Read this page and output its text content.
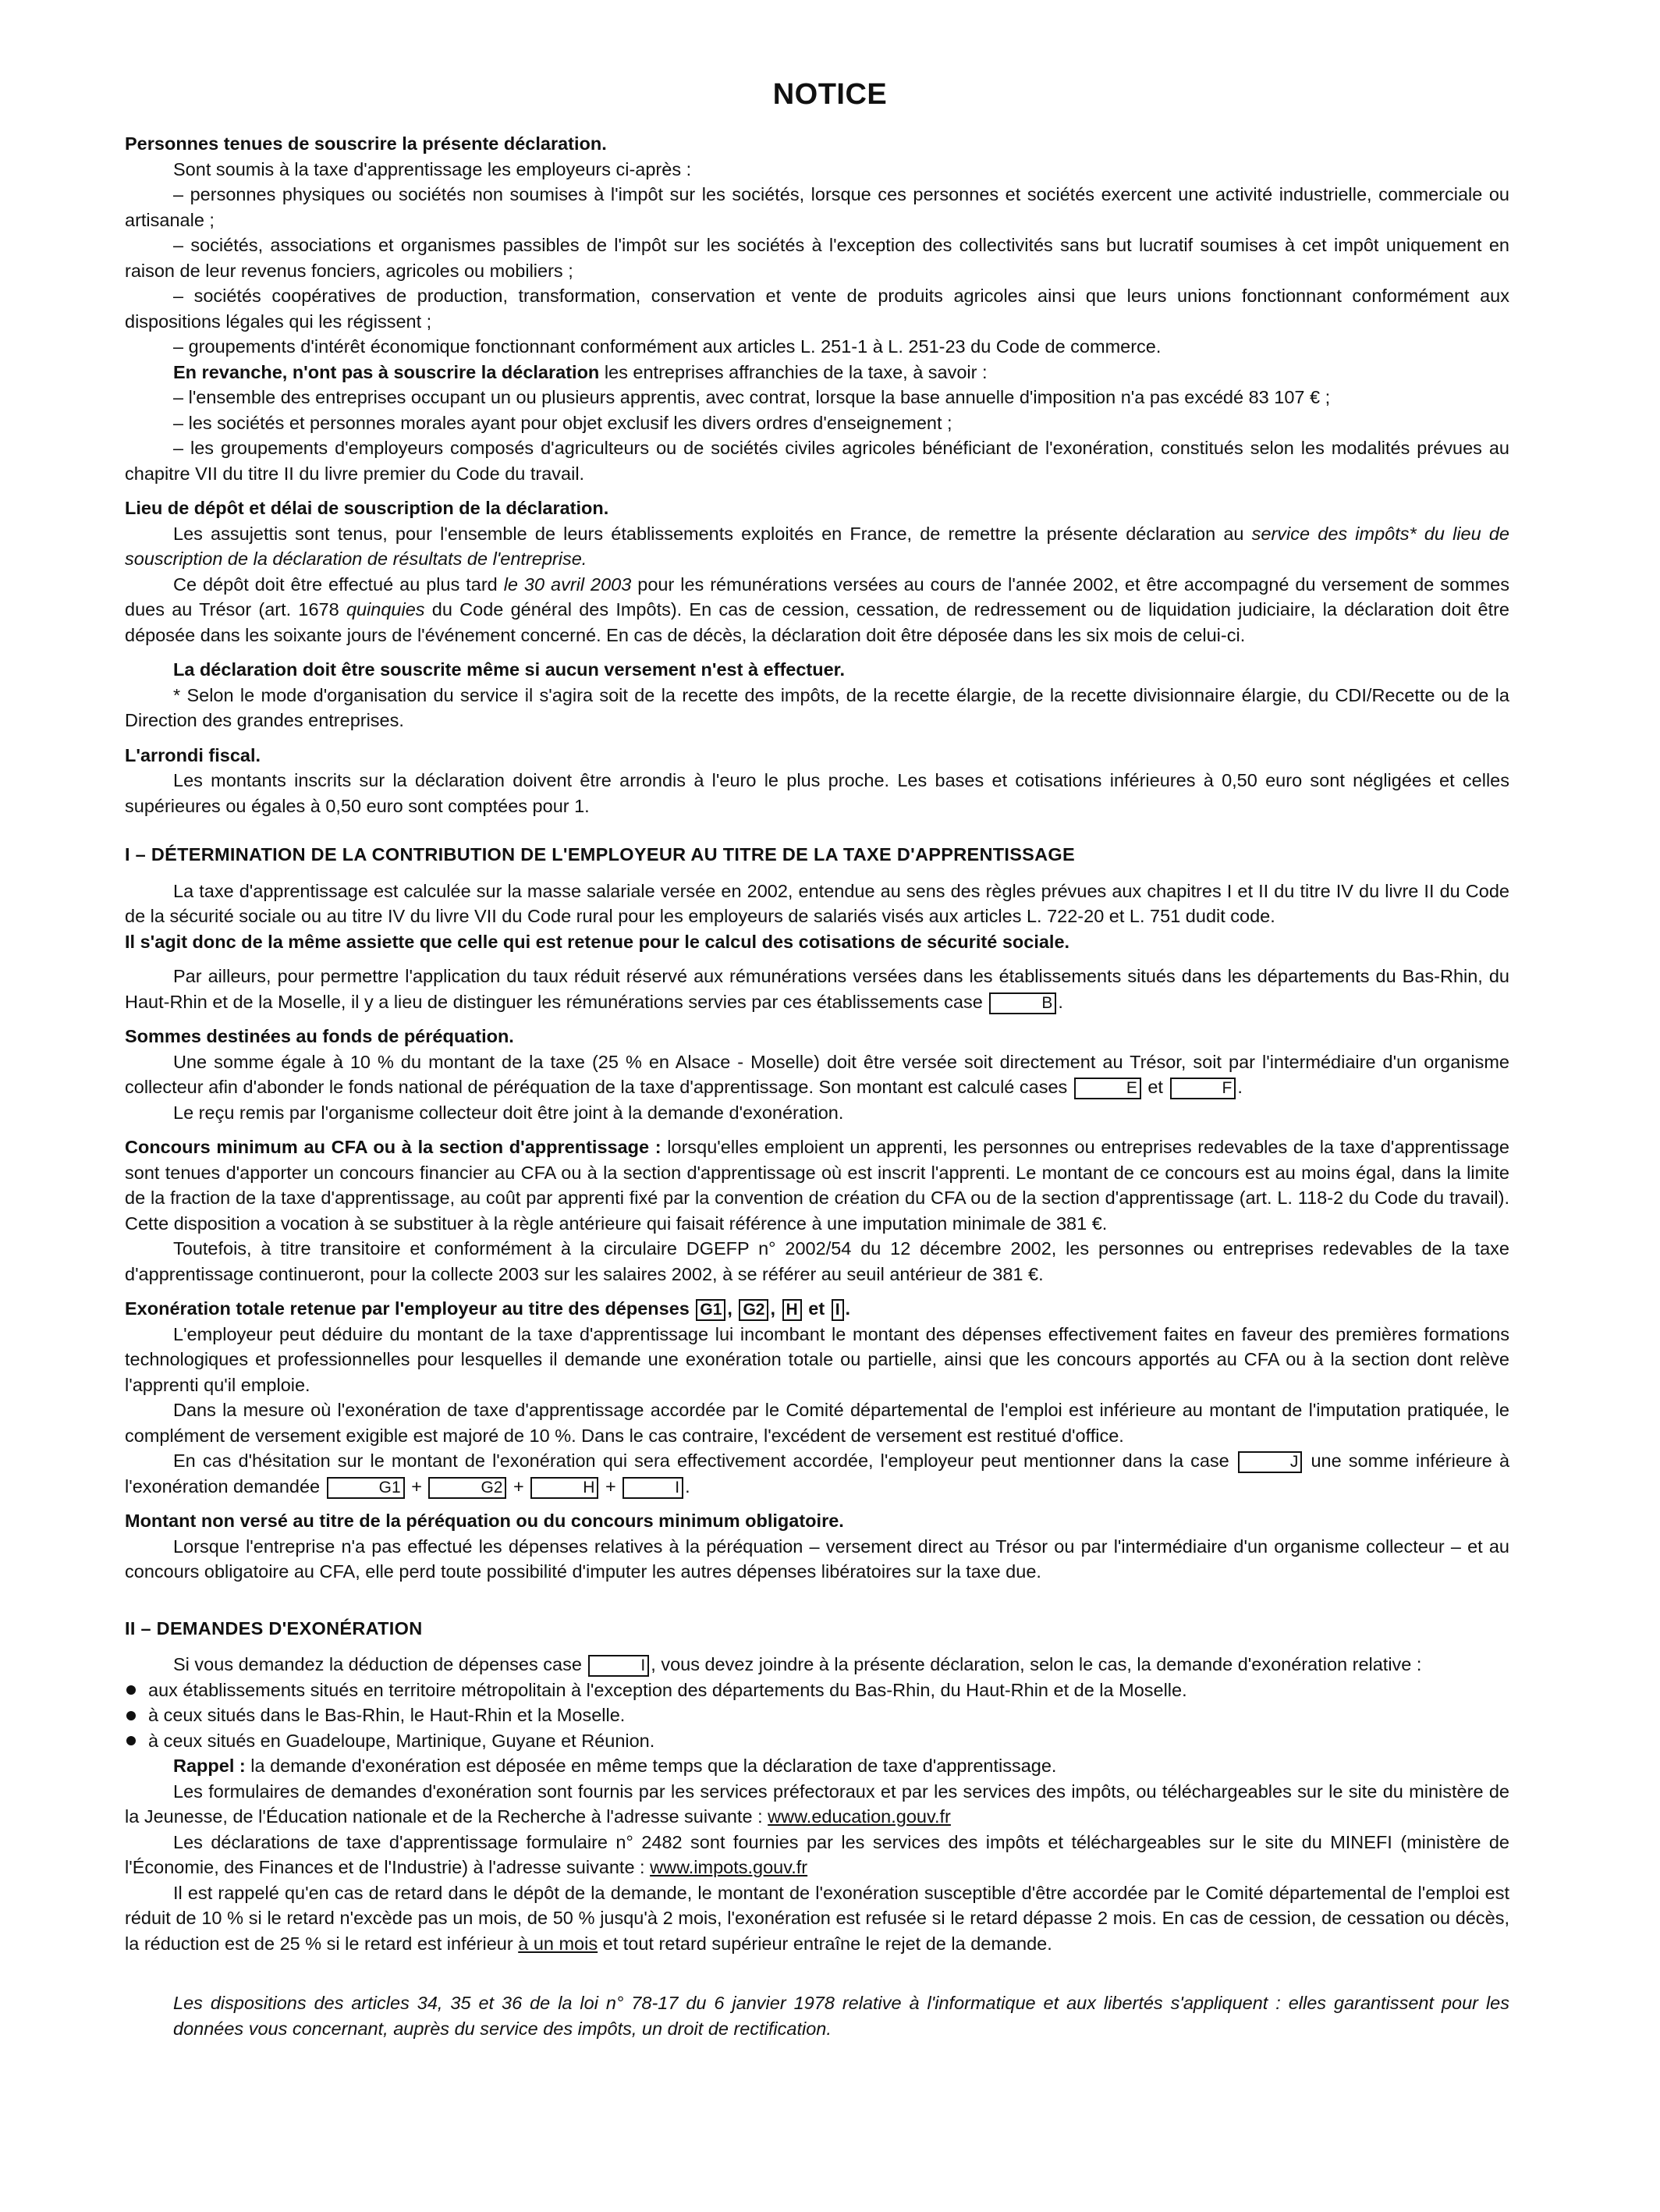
NOTICE

Personnes tenues de souscrire la présente déclaration.

Sont soumis à la taxe d'apprentissage les employeurs ci-après :

– personnes physiques ou sociétés non soumises à l'impôt sur les sociétés, lorsque ces personnes et sociétés exercent une activité industrielle, commerciale ou artisanale ;

– sociétés, associations et organismes passibles de l'impôt sur les sociétés à l'exception des collectivités sans but lucratif soumises à cet impôt uniquement en raison de leur revenus fonciers, agricoles ou mobiliers ;

– sociétés coopératives de production, transformation, conservation et vente de produits agricoles ainsi que leurs unions fonctionnant conformément aux dispositions légales qui les régissent ;

– groupements d'intérêt économique fonctionnant conformément aux articles L. 251-1 à L. 251-23 du Code de commerce.

En revanche, n'ont pas à souscrire la déclaration les entreprises affranchies de la taxe, à savoir :

– l'ensemble des entreprises occupant un ou plusieurs apprentis, avec contrat, lorsque la base annuelle d'imposition n'a pas excédé 83 107 € ;

– les sociétés et personnes morales ayant pour objet exclusif les divers ordres d'enseignement ;

– les groupements d'employeurs composés d'agriculteurs ou de sociétés civiles agricoles bénéficiant de l'exonération, constitués selon les modalités prévues au chapitre VII du titre II du livre premier du Code du travail.

Lieu de dépôt et délai de souscription de la déclaration.

Les assujettis sont tenus, pour l'ensemble de leurs établissements exploités en France, de remettre la présente déclaration au service des impôts* du lieu de souscription de la déclaration de résultats de l'entreprise.

Ce dépôt doit être effectué au plus tard le 30 avril 2003 pour les rémunérations versées au cours de l'année 2002, et être accompagné du versement de sommes dues au Trésor (art. 1678 quinquies du Code général des Impôts). En cas de cession, cessation, de redressement ou de liquidation judiciaire, la déclaration doit être déposée dans les soixante jours de l'événement concerné. En cas de décès, la déclaration doit être déposée dans les six mois de celui-ci.

La déclaration doit être souscrite même si aucun versement n'est à effectuer.

* Selon le mode d'organisation du service il s'agira soit de la recette des impôts, de la recette élargie, de la recette divisionnaire élargie, du CDI/Recette ou de la Direction des grandes entreprises.

L'arrondi fiscal.

Les montants inscrits sur la déclaration doivent être arrondis à l'euro le plus proche. Les bases et cotisations inférieures à 0,50 euro sont négligées et celles supérieures ou égales à 0,50 euro sont comptées pour 1.

I – DÉTERMINATION DE LA CONTRIBUTION DE L'EMPLOYEUR AU TITRE DE LA TAXE D'APPRENTISSAGE

La taxe d'apprentissage est calculée sur la masse salariale versée en 2002, entendue au sens des règles prévues aux chapitres I et II du titre IV du livre II du Code de la sécurité sociale ou au titre IV du livre VII du Code rural pour les employeurs de salariés visés aux articles L. 722-20 et L. 751 dudit code.

Il s'agit donc de la même assiette que celle qui est retenue pour le calcul des cotisations de sécurité sociale.

Par ailleurs, pour permettre l'application du taux réduit réservé aux rémunérations versées dans les établissements situés dans les départements du Bas-Rhin, du Haut-Rhin et de la Moselle, il y a lieu de distinguer les rémunérations servies par ces établissements case	B .

Sommes destinées au fonds de péréquation.

Une somme égale à 10 % du montant de la taxe (25 % en Alsace - Moselle) doit être versée soit directement au Trésor, soit par l'intermédiaire d'un organisme collecteur afin d'abonder le fonds national de péréquation de la taxe d'apprentissage. Son montant est calculé cases	E et	F .

Le reçu remis par l'organisme collecteur doit être joint à la demande d'exonération.

Concours minimum au CFA ou à la section d'apprentissage : lorsqu'elles emploient un apprenti, les personnes ou entreprises redevables de la taxe d'apprentissage sont tenues d'apporter un concours financier au CFA ou à la section d'apprentissage où est inscrit l'apprenti. Le montant de ce concours est au moins égal, dans la limite de la fraction de la taxe d'apprentissage, au coût par apprenti fixé par la convention de création du CFA ou de la section d'apprentissage (art. L. 118-2 du Code du travail). Cette disposition a vocation à se substituer à la règle antérieure qui faisait référence à une imputation minimale de 381 €.

Toutefois, à titre transitoire et conformément à la circulaire DGEFP n° 2002/54 du 12 décembre 2002, les personnes ou entreprises redevables de la taxe d'apprentissage continueront, pour la collecte 2003 sur les salaires 2002, à se référer au seuil antérieur de 381 €.

Exonération totale retenue par l'employeur au titre des dépenses G1 , G2 , H et I .

L'employeur peut déduire du montant de la taxe d'apprentissage lui incombant le montant des dépenses effectivement faites en faveur des premières formations technologiques et professionnelles pour lesquelles il demande une exonération totale ou partielle, ainsi que les concours apportés au CFA ou à la section dont relève l'apprenti qu'il emploie.

Dans la mesure où l'exonération de taxe d'apprentissage accordée par le Comité départemental de l'emploi est inférieure au montant de l'imputation pratiquée, le complément de versement exigible est majoré de 10 %. Dans le cas contraire, l'excédent de versement est restitué d'office.

En cas d'hésitation sur le montant de l'exonération qui sera effectivement accordée, l'employeur peut mentionner dans la case	J une somme inférieure à l'exonération demandée	G1 +	G2 +	H +	I .

Montant non versé au titre de la péréquation ou du concours minimum obligatoire.

Lorsque l'entreprise n'a pas effectué les dépenses relatives à la péréquation – versement direct au Trésor ou par l'intermédiaire d'un organisme collecteur – et au concours obligatoire au CFA, elle perd toute possibilité d'imputer les autres dépenses libératoires sur la taxe due.

II – DEMANDES D'EXONÉRATION

Si vous demandez la déduction de dépenses case	I , vous devez joindre à la présente déclaration, selon le cas, la demande d'exonération relative :

aux établissements situés en territoire métropolitain à l'exception des départements du Bas-Rhin, du Haut-Rhin et de la Moselle.

à ceux situés dans le Bas-Rhin, le Haut-Rhin et la Moselle.

à ceux situés en Guadeloupe, Martinique, Guyane et Réunion.

Rappel : la demande d'exonération est déposée en même temps que la déclaration de taxe d'apprentissage.

Les formulaires de demandes d'exonération sont fournis par les services préfectoraux et par les services des impôts, ou téléchargeables sur le site du ministère de la Jeunesse, de l'Éducation nationale et de la Recherche à l'adresse suivante : www.education.gouv.fr

Les déclarations de taxe d'apprentissage formulaire n° 2482 sont fournies par les services des impôts et téléchargeables sur le site du MINEFI (ministère de l'Économie, des Finances et de l'Industrie) à l'adresse suivante : www.impots.gouv.fr

Il est rappelé qu'en cas de retard dans le dépôt de la demande, le montant de l'exonération susceptible d'être accordée par le Comité départemental de l'emploi est réduit de 10 % si le retard n'excède pas un mois, de 50 % jusqu'à 2 mois, l'exonération est refusée si le retard dépasse 2 mois. En cas de cession, de cessation ou décès, la réduction est de 25 % si le retard est inférieur à un mois et tout retard supérieur entraîne le rejet de la demande.

Les dispositions des articles 34, 35 et 36 de la loi n° 78-17 du 6 janvier 1978 relative à l'informatique et aux libertés s'appliquent : elles garantissent pour les données vous concernant, auprès du service des impôts, un droit de rectification.
